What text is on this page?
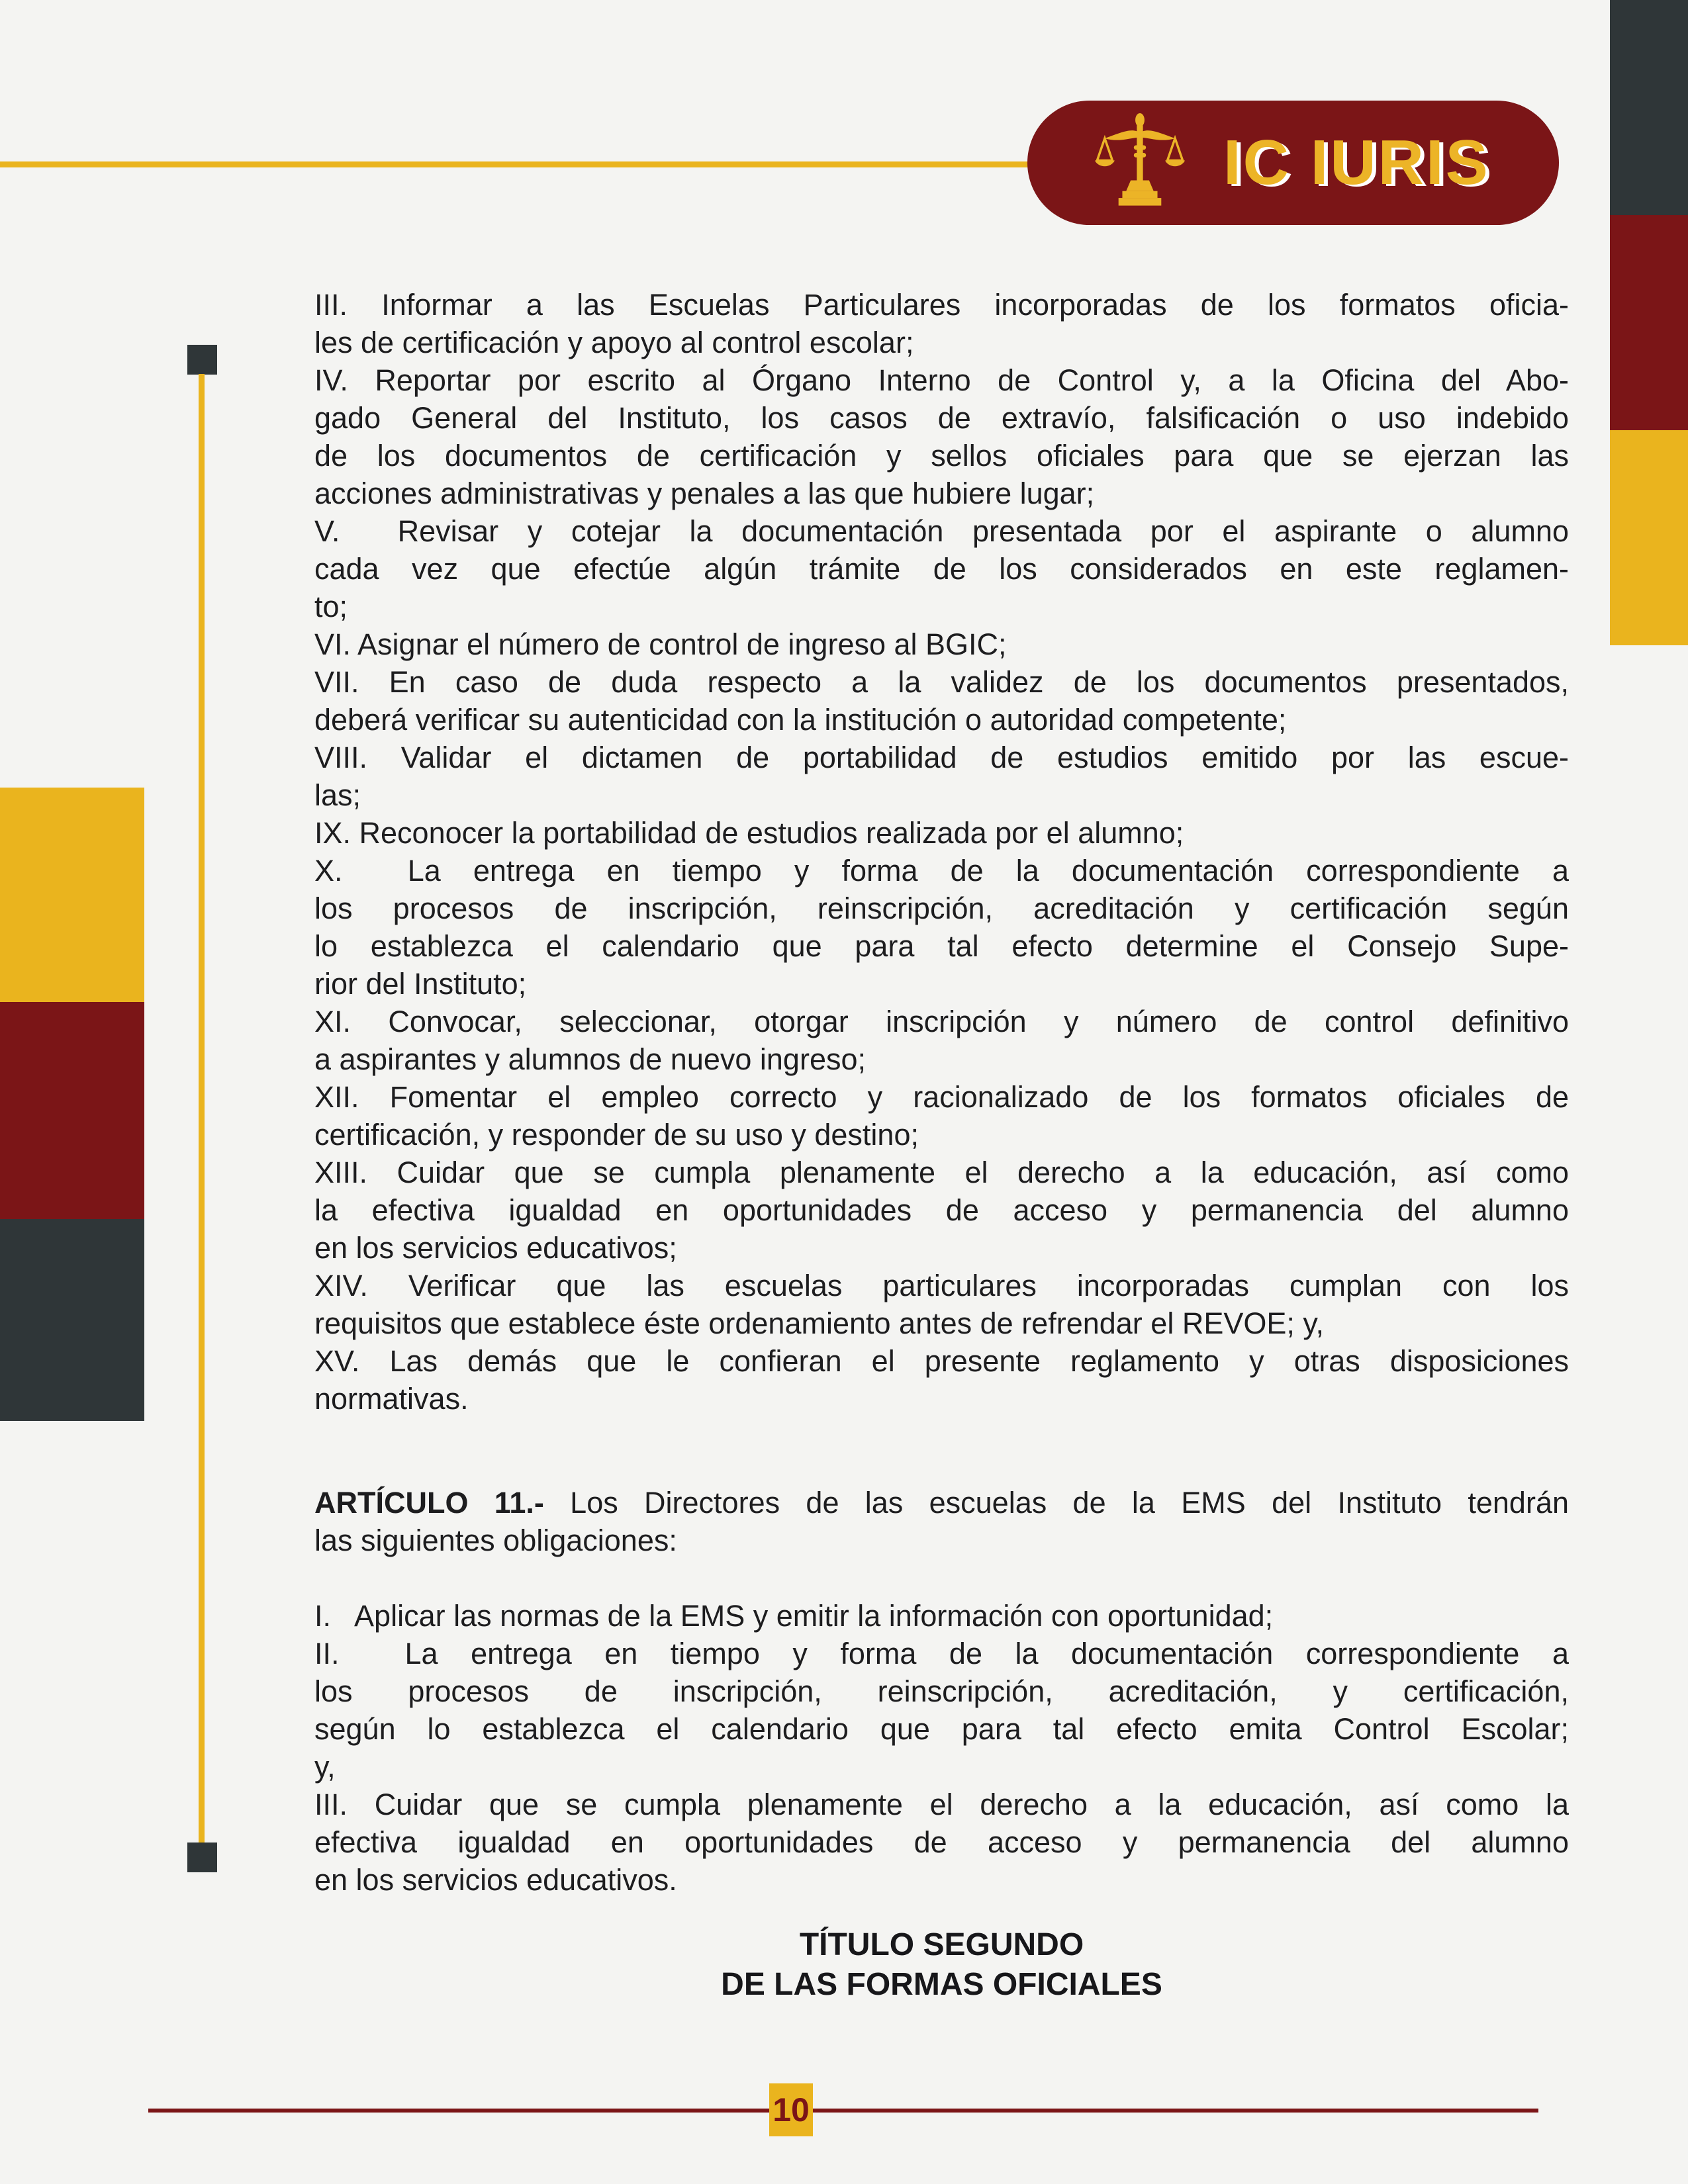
IC IURIS
III. Informar a las Escuelas Particulares incorporadas de los formatos oficia-
les de certificación y apoyo al control escolar;
IV. Reportar por escrito al Órgano Interno de Control y, a la Oficina del Abo-
gado General del Instituto, los casos de extravío, falsificación o uso indebido
de los documentos de certificación y sellos oficiales para que se ejerzan las
acciones administrativas y penales a las que hubiere lugar;
V.  Revisar y cotejar la documentación presentada por el aspirante o alumno
cada vez que efectúe algún trámite de los considerados en este reglamen-
to;
VI. Asignar el número de control de ingreso al BGIC;
VII. En caso de duda respecto a la validez de los documentos presentados,
deberá verificar su autenticidad con la institución o autoridad competente;
VIII. Validar el dictamen de portabilidad de estudios emitido por las escue-
las;
IX. Reconocer la portabilidad de estudios realizada por el alumno;
X.  La entrega en tiempo y forma de la documentación correspondiente a
los procesos de inscripción, reinscripción, acreditación y certificación según
lo establezca el calendario que para tal efecto determine el Consejo Supe-
rior del Instituto;
XI. Convocar, seleccionar, otorgar inscripción y número de control definitivo
a aspirantes y alumnos de nuevo ingreso;
XII. Fomentar el empleo correcto y racionalizado de los formatos oficiales de
certificación, y responder de su uso y destino;
XIII. Cuidar que se cumpla plenamente el derecho a la educación, así como
la efectiva igualdad en oportunidades de acceso y permanencia del alumno
en los servicios educativos;
XIV. Verificar que las escuelas particulares incorporadas cumplan con los
requisitos que establece éste ordenamiento antes de refrendar el REVOE; y,
XV. Las demás que le confieran el presente reglamento y otras disposiciones
normativas.
ARTÍCULO 11.- Los Directores de las escuelas de la EMS del Instituto tendrán
las siguientes obligaciones:
I.   Aplicar las normas de la EMS y emitir la información con oportunidad;
II.  La entrega en tiempo y forma de la documentación correspondiente a
los procesos de inscripción, reinscripción, acreditación, y certificación,
según lo establezca el calendario que para tal efecto emita Control Escolar;
y,
III. Cuidar que se cumpla plenamente el derecho a la educación, así como la
efectiva igualdad en oportunidades de acceso y permanencia del alumno
en los servicios educativos.
TÍTULO SEGUNDO
DE LAS FORMAS OFICIALES
10
